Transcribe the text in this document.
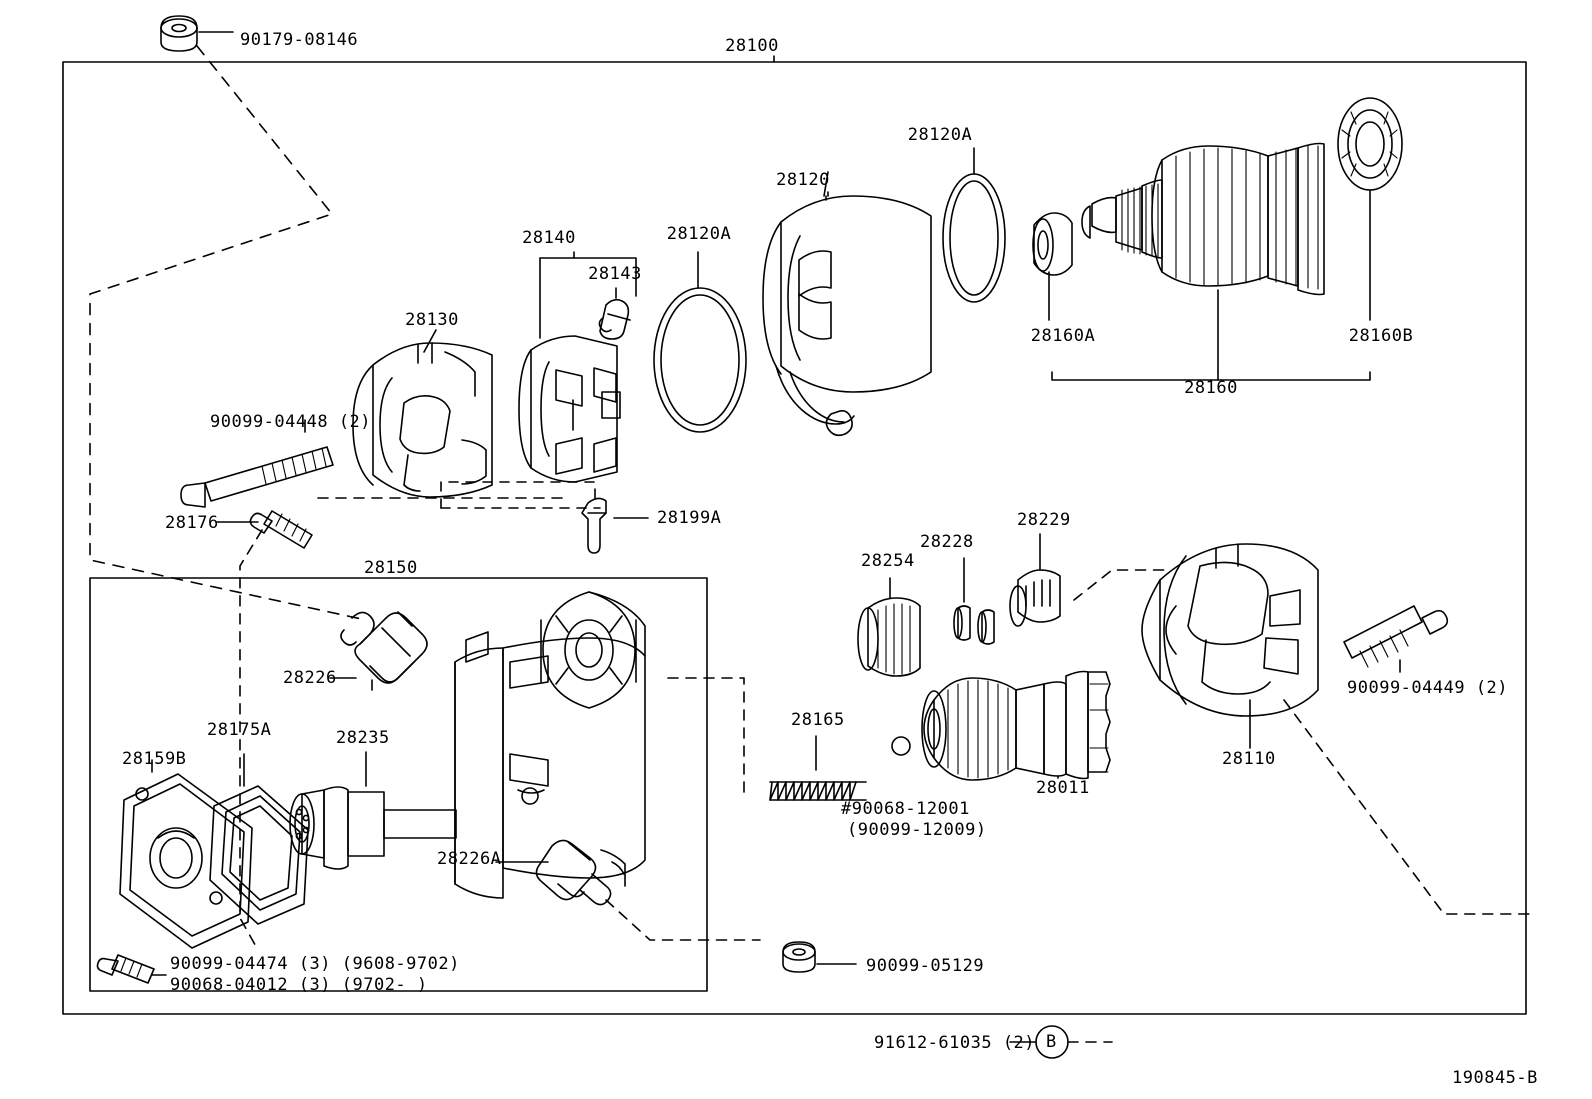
90179-08146	28100
28120A
28120
28140	28120A
28143
28130
28160A	28160B
28160
90099-04448 (2)
28176	28199A	28229
28228
28254
28150
28226	90099-04449 (2)
28165
28175A	28235
28110
28159B
28011
#90068-12001
(90099-12009)
28226A
90099-05129
90099-04474 (3) (9608-9702)
90068-04012 (3) (9702- )
91612-61035 (2) B
190845-B
